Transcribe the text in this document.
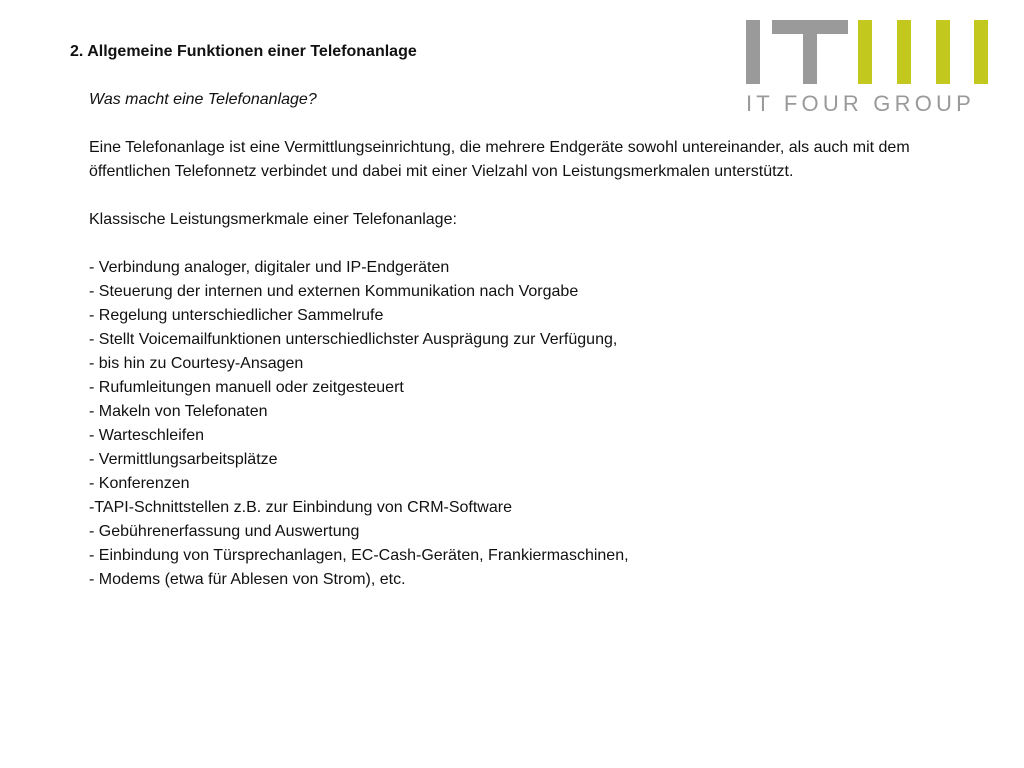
IT FOUR GROUP

2. Allgemeine Funktionen einer Telefonanlage

Was macht eine Telefonanlage?
Eine Telefonanlage ist eine Vermittlungseinrichtung, die mehrere Endgeräte sowohl untereinander, als auch mit dem öffentlichen Telefonnetz verbindet und dabei mit einer Vielzahl von Leistungsmerkmalen unterstützt.
Klassische Leistungsmerkmale einer Telefonanlage:
- Verbindung analoger, digitaler und IP-Endgeräten
- Steuerung der internen und externen Kommunikation nach Vorgabe
- Regelung unterschiedlicher Sammelrufe
- Stellt Voicemailfunktionen unterschiedlichster Ausprägung zur Verfügung,
- bis hin zu Courtesy-Ansagen
- Rufumleitungen manuell oder zeitgesteuert
- Makeln von Telefonaten
- Warteschleifen
- Vermittlungsarbeitsplätze
- Konferenzen
-TAPI-Schnittstellen z.B. zur Einbindung von CRM-Software
- Gebührenerfassung und Auswertung
- Einbindung von Türsprechanlagen, EC-Cash-Geräten, Frankiermaschinen,
- Modems (etwa für Ablesen von Strom), etc.
